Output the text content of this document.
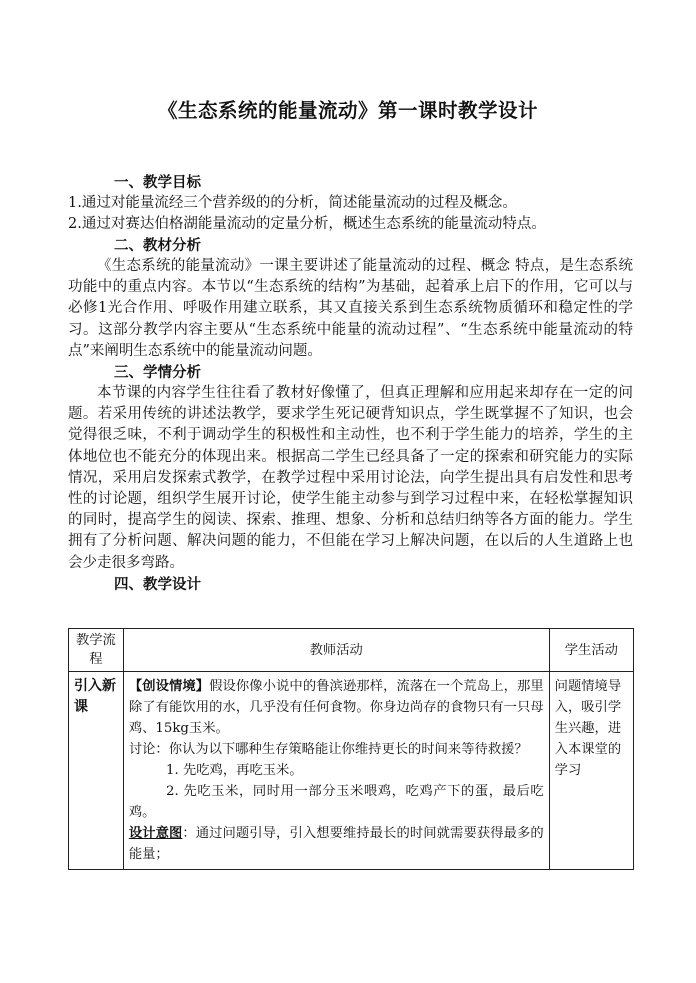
《生态系统的能量流动》第一课时教学设计
一、教学目标
1.通过对能量流经三个营养级的的分析，简述能量流动的过程及概念。
2.通过对赛达伯格湖能量流动的定量分析，概述生态系统的能量流动特点。
二、教材分析
《生态系统的能量流动》一课主要讲述了能量流动的过程、概念 特点，是生态系统功能中的重点内容。本节以“生态系统的结构”为基础，起着承上启下的作用，它可以与必修1光合作用、呼吸作用建立联系，其又直接关系到生态系统物质循环和稳定性的学习。这部分教学内容主要从“生态系统中能量的流动过程”、“生态系统中能量流动的特点”来阐明生态系统中的能量流动问题。
三、学情分析
本节课的内容学生往往看了教材好像懂了，但真正理解和应用起来却存在一定的问题。若采用传统的讲述法教学，要求学生死记硬背知识点，学生既掌握不了知识，也会觉得很乏味，不利于调动学生的积极性和主动性，也不利于学生能力的培养，学生的主体地位也不能充分的体现出来。根据高二学生已经具备了一定的探索和研究能力的实际情况，采用启发探索式教学，在教学过程中采用讨论法，向学生提出具有启发性和思考性的讨论题，组织学生展开讨论，使学生能主动参与到学习过程中来，在轻松掌握知识的同时，提高学生的阅读、探索、推理、想象、分析和总结归纳等各方面的能力。学生拥有了分析问题、解决问题的能力，不但能在学习上解决问题，在以后的人生道路上也会少走很多弯路。
四、教学设计
教学流程	教师活动	学生活动
引入新课	【创设情境】假设你像小说中的鲁滨逊那样，流落在一个荒岛上，那里除了有能饮用的水，几乎没有任何食物。你身边尚存的食物只有一只母鸡、15kg玉米。

讨论：你认为以下哪种生存策略能让你维持更长的时间来等待救援？

1. 先吃鸡，再吃玉米。

2. 先吃玉米，同时用一部分玉米喂鸡，吃鸡产下的蛋，最后吃鸡。

设计意图：通过问题引导，引入想要维持最长的时间就需要获得最多的能量；	问题情境导入，吸引学生兴趣，进入本课堂的学习
